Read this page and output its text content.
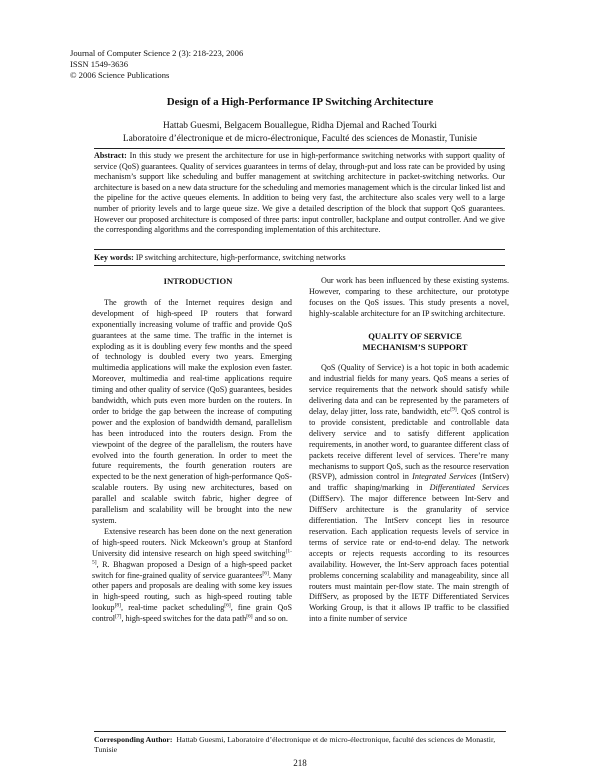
Journal of Computer Science 2 (3): 218-223, 2006
ISSN 1549-3636
© 2006 Science Publications
Design of a High-Performance IP Switching Architecture
Hattab Guesmi, Belgacem Bouallegue, Ridha Djemal and Rached Tourki
Laboratoire d’électronique et de micro-électronique, Faculté des sciences de Monastir, Tunisie
Abstract: In this study we present the architecture for use in high-performance switching networks with support quality of service (QoS) guarantees. Quality of services guarantees in terms of delay, through-put and loss rate can be provided by using mechanism’s support like scheduling and buffer management at switching architecture in packet-switching networks. Our architecture is based on a new data structure for the scheduling and memories management which is the circular linked list and the pipeline for the active queues elements. In addition to being very fast, the architecture also scales very well to a large number of priority levels and to large queue size. We give a detailed description of the block that support QoS guarantees. However our proposed architecture is composed of three parts: input controller, backplane and output controller. And we give the corresponding algorithms and the corresponding implementation of this architecture.
Key words: IP switching architecture, high-performance, switching networks

INTRODUCTION

The growth of the Internet requires design and development of high-speed IP routers that forward exponentially increasing volume of traffic and provide QoS guarantees at the same time. The traffic in the internet is exploding as it is doubling every few months and the speed of technology is doubled every two years. Emerging multimedia applications will make the explosion even faster. Moreover, multimedia and real-time applications require timing and other quality of service (QoS) guarantees, besides bandwidth, which puts even more burden on the routers. In order to bridge the gap between the increase of computing power and the explosion of bandwidth demand, parallelism has been introduced into the routers design. From the viewpoint of the degree of the parallelism, the routers have evolved into the fourth generation. In order to meet the future requirements, the fourth generation routers are expected to be the next generation of high-performance QoS-scalable routers. By using new architectures, based on parallel and scalable switch fabric, higher degree of parallelism and scalability will be brought into the new system.

Extensive research has been done on the next generation of high-speed routers. Nick Mckeown’s group at Stanford University did intensive research on high speed switching[1-5], R. Bhagwan proposed a Design of a high-speed packet switch for fine-grained quality of service guarantees[6]. Many other papers and proposals are dealing with some key issues in high-speed routing, such as high-speed routing table lookup[8], real-time packet scheduling[6], fine grain QoS control[7], high-speed switches for the data path[6] and so on.

Our work has been influenced by these existing systems. However, comparing to these architecture, our prototype focuses on the QoS issues. This study presents a novel, highly-scalable architecture for an IP switching architecture.

QUALITY OF SERVICE

MECHANISM’S SUPPORT

QoS (Quality of Service) is a hot topic in both academic and industrial fields for many years. QoS means a series of service requirements that the network should satisfy while delivering data and can be represented by the parameters of delay, delay jitter, loss rate, bandwidth, etc[9]. QoS control is to provide consistent, predictable and controllable data delivery service and to satisfy different application requirements, in another word, to guarantee different class of packets receive different level of services. There’re many mechanisms to support QoS, such as the resource reservation (RSVP), admission control in Integrated Services (IntServ) and traffic shaping/marking in Differentiated Services (DiffServ). The major difference between Int-Serv and DiffServ architecture is the granularity of service differentiation. The IntServ concept lies in resource reservation. Each application requests levels of service in terms of service rate or end-to-end delay. The network accepts or rejects requests according to its resources availability. However, the Int-Serv approach faces potential problems concerning scalability and manageability, since all routers must maintain per-flow state. The main strength of DiffServ, as proposed by the IETF Differentiated Services Working Group, is that it allows IP traffic to be classified into a finite number of service

Corresponding Author: Hattab Guesmi, Laboratoire d’électronique et de micro-électronique, faculté des sciences de Monastir, Tunisie
218
